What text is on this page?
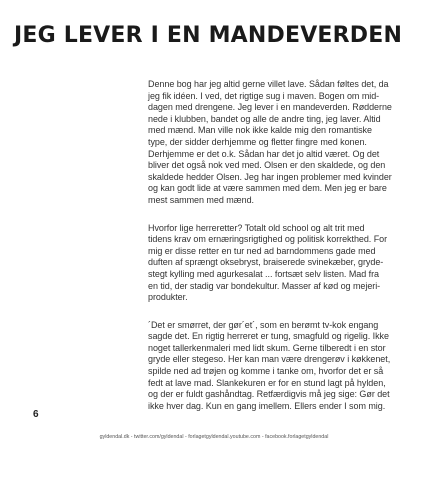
JEG LEVER I EN MANDEVERDEN
Denne bog har jeg altid gerne villet lave. Sådan føltes det, da
jeg fik idéen. I ved, det rigtige sug i maven. Bogen om mid-
dagen med drengene. Jeg lever i en mandeverden. Rødderne
nede i klubben, bandet og alle de andre ting, jeg laver. Altid
med mænd. Man ville nok ikke kalde mig den romantiske
type, der sidder derhjemme og fletter fingre med konen.
Derhjemme er det o.k. Sådan har det jo altid været. Og det
bliver det også nok ved med. Olsen er den skaldede, og den
skaldede hedder Olsen. Jeg har ingen problemer med kvinder
og kan godt lide at være sammen med dem. Men jeg er bare
mest sammen med mænd.
Hvorfor lige herreretter? Totalt old school og alt trit med
tidens krav om ernæringsrigtighed og politisk korrekthed. For
mig er disse retter en tur ned ad barndommens gade med
duften af sprængt oksebryst, braiserede svinekæber, gryde-
stegt kylling med agurkesalat ... fortsæt selv listen. Mad fra
en tid, der stadig var bondekultur. Masser af kød og mejeri-
produkter.
´Det er smørret, der gør´et´, som en berømt tv-kok engang
sagde det. En rigtig herreret er tung, smagfuld og rigelig. Ikke
noget tallerkenmaleri med lidt skum. Gerne tilberedt i en stor
gryde eller stegeso. Her kan man være drengerøv i køkkenet,
spilde ned ad trøjen og komme i tanke om, hvorfor det er så
fedt at lave mad. Slankekuren er for en stund lagt på hylden,
og der er fuldt gashåndtag. Retfærdigvis må jeg sige: Gør det
ikke hver dag. Kun en gang imellem. Ellers ender I som mig.
6
gyldendal.dk - twitter.com/gyldendal - forlagetgyldendal.youtube.com - facebook.forlagetgyldendal
